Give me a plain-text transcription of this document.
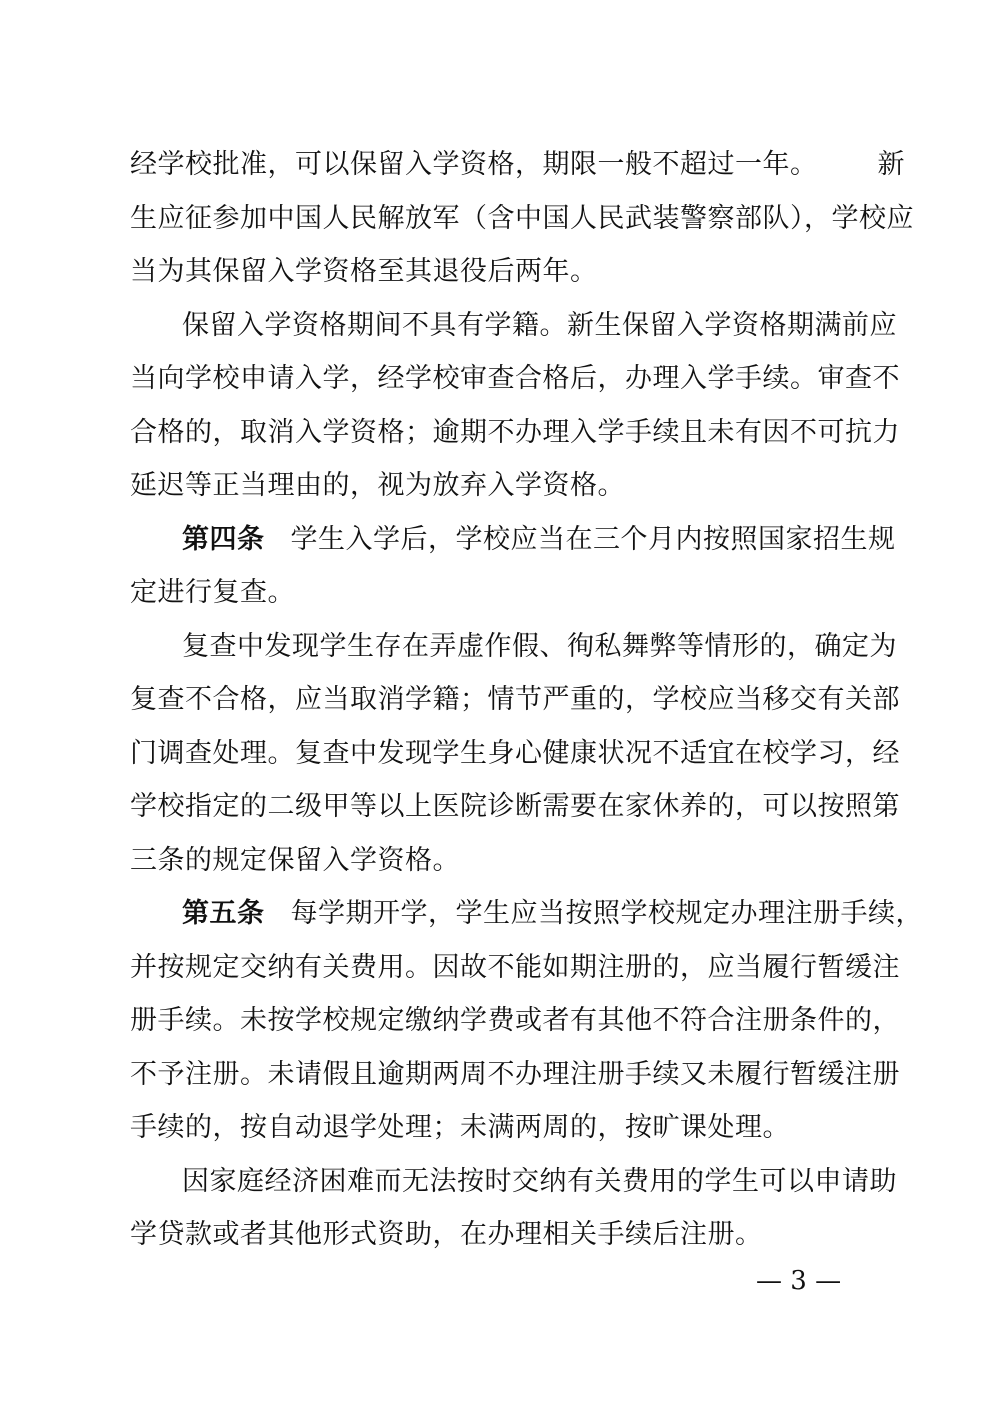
经学校批准，可以保留入学资格，期限一般不超过一年。 新
生应征参加中国人民解放军（含中国人民武装警察部队），学校应
当为其保留入学资格至其退役后两年。
保留入学资格期间不具有学籍。新生保留入学资格期满前应
当向学校申请入学，经学校审查合格后，办理入学手续。审查不
合格的，取消入学资格；逾期不办理入学手续且未有因不可抗力
延迟等正当理由的，视为放弃入学资格。
第四条 学生入学后，学校应当在三个月内按照国家招生规
定进行复查。
复查中发现学生存在弄虚作假、徇私舞弊等情形的，确定为
复查不合格，应当取消学籍；情节严重的，学校应当移交有关部
门调查处理。复查中发现学生身心健康状况不适宜在校学习，经
学校指定的二级甲等以上医院诊断需要在家休养的，可以按照第
三条的规定保留入学资格。
第五条 每学期开学，学生应当按照学校规定办理注册手续，
并按规定交纳有关费用。因故不能如期注册的，应当履行暂缓注
册手续。未按学校规定缴纳学费或者有其他不符合注册条件的，
不予注册。未请假且逾期两周不办理注册手续又未履行暂缓注册
手续的，按自动退学处理；未满两周的，按旷课处理。
因家庭经济困难而无法按时交纳有关费用的学生可以申请助
学贷款或者其他形式资助，在办理相关手续后注册。
— 3 —
